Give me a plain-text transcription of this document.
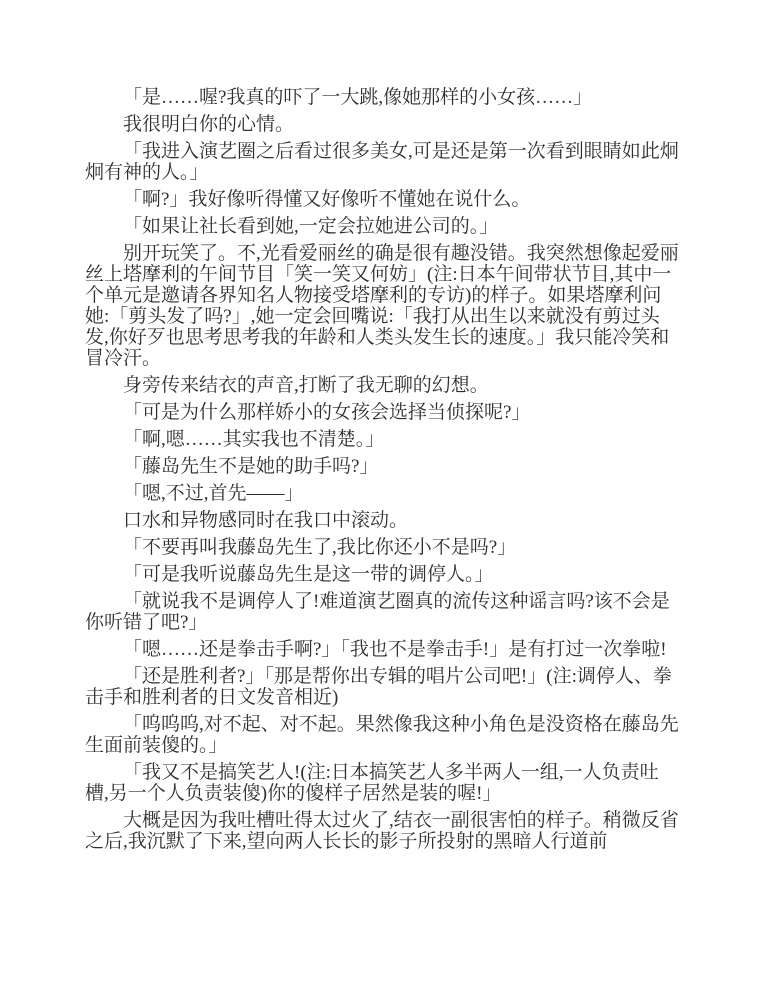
「是……喔?我真的吓了一大跳,像她那样的小女孩……」

我很明白你的心情。

「我进入演艺圈之后看过很多美女,可是还是第一次看到眼睛如此炯炯有神的人。」

「啊?」我好像听得懂又好像听不懂她在说什么。

「如果让社长看到她,一定会拉她进公司的。」

别开玩笑了。不,光看爱丽丝的确是很有趣没错。我突然想像起爱丽丝上塔摩利的午间节目「笑一笑又何妨」(注:日本午间带状节目,其中一个单元是邀请各界知名人物接受塔摩利的专访)的样子。如果塔摩利问她:「剪头发了吗?」,她一定会回嘴说:「我打从出生以来就没有剪过头发,你好歹也思考思考我的年龄和人类头发生长的速度。」我只能冷笑和冒冷汗。

身旁传来结衣的声音,打断了我无聊的幻想。

「可是为什么那样娇小的女孩会选择当侦探呢?」

「啊,嗯……其实我也不清楚。」

「藤岛先生不是她的助手吗?」

「嗯,不过,首先――」

口水和异物感同时在我口中滚动。

「不要再叫我藤岛先生了,我比你还小不是吗?」

「可是我听说藤岛先生是这一带的调停人。」

「就说我不是调停人了!难道演艺圈真的流传这种谣言吗?该不会是你听错了吧?」

「嗯……还是拳击手啊?」「我也不是拳击手!」是有打过一次拳啦!

「还是胜利者?」「那是帮你出专辑的唱片公司吧!」(注:调停人、拳击手和胜利者的日文发音相近)

「呜呜呜,对不起、对不起。果然像我这种小角色是没资格在藤岛先生面前装傻的。」

「我又不是搞笑艺人!(注:日本搞笑艺人多半两人一组,一人负责吐槽,另一个人负责装傻)你的傻样子居然是装的喔!」

大概是因为我吐槽吐得太过火了,结衣一副很害怕的样子。稍微反省之后,我沉默了下来,望向两人长长的影子所投射的黑暗人行道前
